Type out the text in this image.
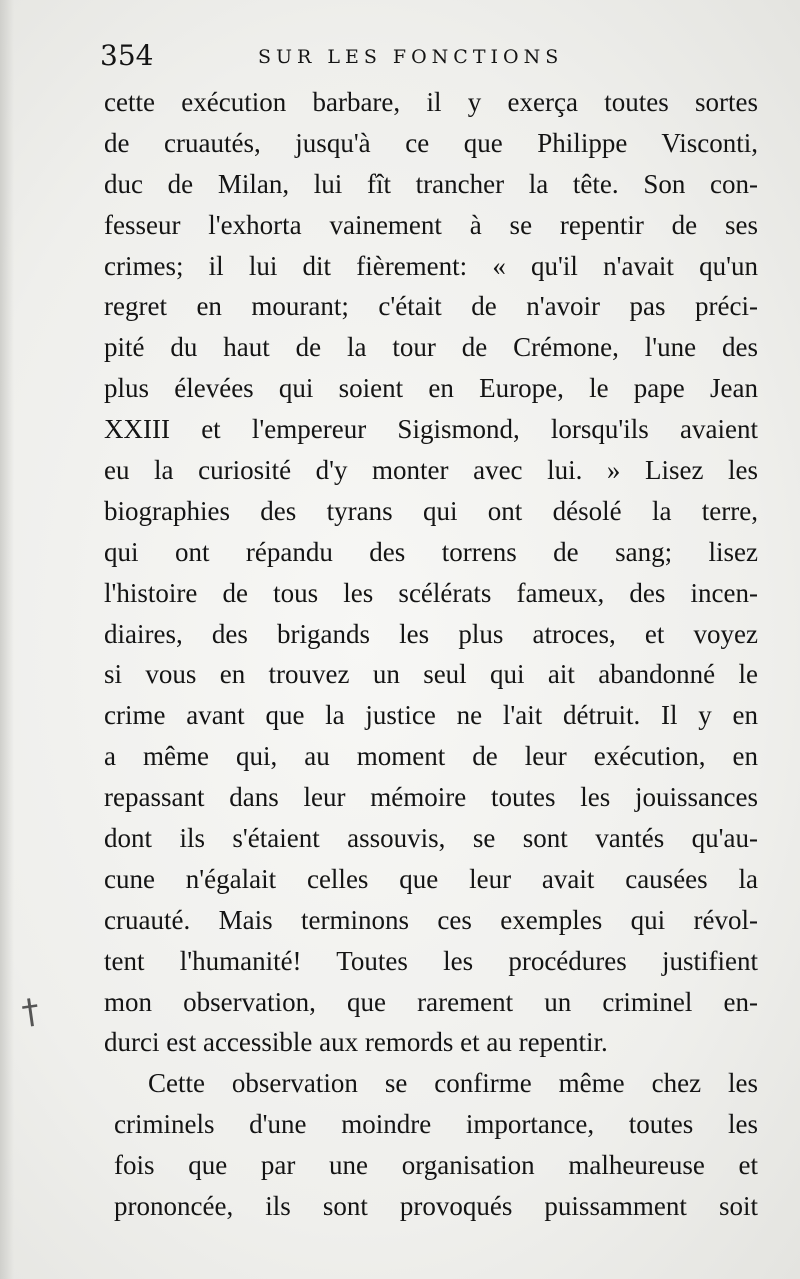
354	SUR LES FONCTIONS
cette exécution barbare, il y exerça toutes sortes
de cruautés, jusqu'à ce que Philippe Visconti,
duc de Milan, lui fît trancher la tête. Son con-
fesseur l'exhorta vainement à se repentir de ses
crimes; il lui dit fièrement: « qu'il n'avait qu'un
regret en mourant; c'était de n'avoir pas préci-
pité du haut de la tour de Crémone, l'une des
plus élevées qui soient en Europe, le pape Jean
XXIII et l'empereur Sigismond, lorsqu'ils avaient
eu la curiosité d'y monter avec lui. » Lisez les
biographies des tyrans qui ont désolé la terre,
qui ont répandu des torrens de sang; lisez
l'histoire de tous les scélérats fameux, des incen-
diaires, des brigands les plus atroces, et voyez
si vous en trouvez un seul qui ait abandonné le
crime avant que la justice ne l'ait détruit. Il y en
a même qui, au moment de leur exécution, en
repassant dans leur mémoire toutes les jouissances
dont ils s'étaient assouvis, se sont vantés qu'au-
cune n'égalait celles que leur avait causées la
cruauté. Mais terminons ces exemples qui révol-
tent l'humanité! Toutes les procédures justifient
mon observation, que rarement un criminel en-
durci est accessible aux remords et au repentir.
Cette observation se confirme même chez les
criminels d'une moindre importance, toutes les
fois que par une organisation malheureuse et
prononcée, ils sont provoqués puissamment soit
†
